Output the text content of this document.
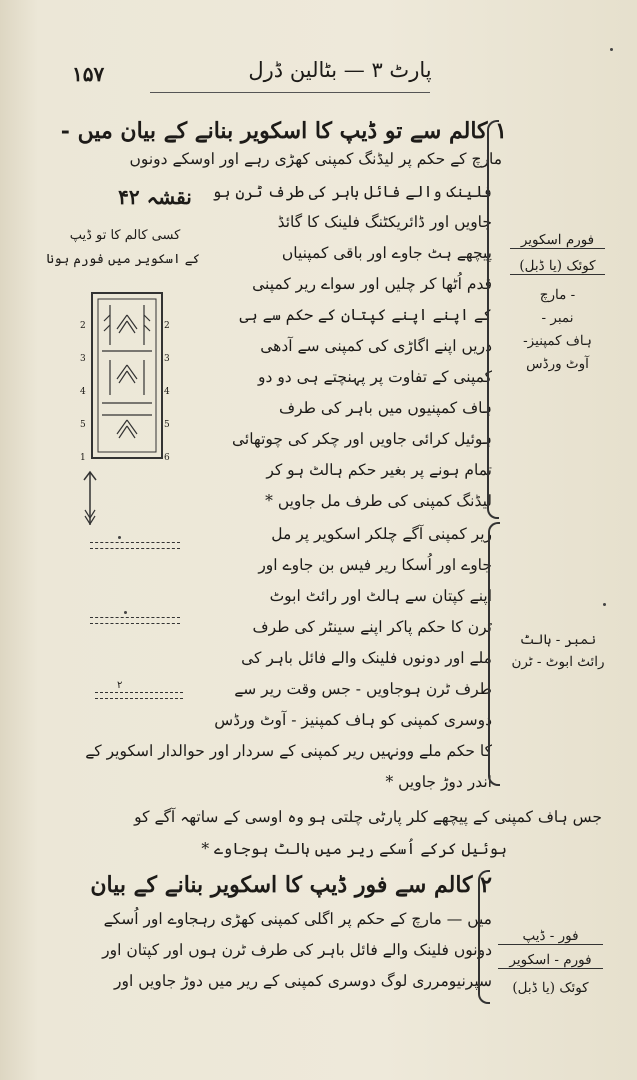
۱۵۷	پارٹ ۳ — بٹالین ڈرل
۱ کالم سے تو ڈیپ کا اسکویر بنانے کے بیان میں -
مارچ کے حکم پر لیڈنگ کمپنی کھڑی رہے اور اوسکے دونوں
فلینک والے فائل باہر کی طرف ٹرن ہو
جاویں اور ڈائریکٹنگ فلینک کا گائڈ
پیچھے ہٹ جاوے اور باقی کمپنیاں
قدم اُٹھا کر چلیں اور سواے ریر کمپنی
کے اپنے اپنے کپتان کے حکم سے ہی
دریں اپنے اگاڑی کی کمپنی سے آدھی
کمپنی کے تفاوت پر پہنچتے ہی دو دو
ہاف کمپنیوں میں باہر کی طرف
ہوئیل کرائی جاویں اور چکر کی چوتھائی
تمام ہونے پر بغیر حکم ہالٹ ہو کر
لیڈنگ کمپنی کی طرف مل جاویں *
ریر کمپنی آگے چلکر اسکویر پر مل
جاوے اور اُسکا ریر فیس بن جاوے اور
اپنے کپتان سے ہالٹ اور رائٹ ابوٹ
ٹرن کا حکم پاکر اپنے سینٹر کی طرف
ملے اور دونوں فلینک والے فائل باہر کی
طرف ٹرن ہوجاویں - جس وقت ریر سے
دوسری کمپنی کو ہاف کمپنیز - آوٹ ورڈس
کا حکم ملے وونہیں ریر کمپنی کے سردار اور حوالدار اسکویر کے
اندر دوڑ جاویں *
جس ہاف کمپنی کے پیچھے کلر پارٹی چلتی ہو وہ اوسی کے ساتھہ آگے کو
ہوئیل کرکے اُسکے ریر میں ہالٹ ہوجاوے *
۲ کالم سے فور ڈیپ کا اسکویر بنانے کے بیان
میں — مارچ کے حکم پر اگلی کمپنی کھڑی رہجاوے اور اُسکے
دونوں فلینک والے فائل باہر کی طرف ٹرن ہوں اور کپتان اور
سپرنیومرری لوگ دوسری کمپنی کے ریر میں دوڑ جاویں اور
فورم اسکویر
کوئک (یا ڈبل)
- مارچ
نمبر -
ہاف کمپنیز-
آوٹ ورڈس
نمبر - ہالٹ
رائٹ ابوٹ - ٹرن
فور - ڈیپ
فورم - اسکویر
کوئک (یا ڈبل)
نقشہ ۴۲
کسی کالم کا تو ڈیپ
کے اسکویر میں فورم ہونا
2
3
4
5
1
2
3
4
5
6
۲
